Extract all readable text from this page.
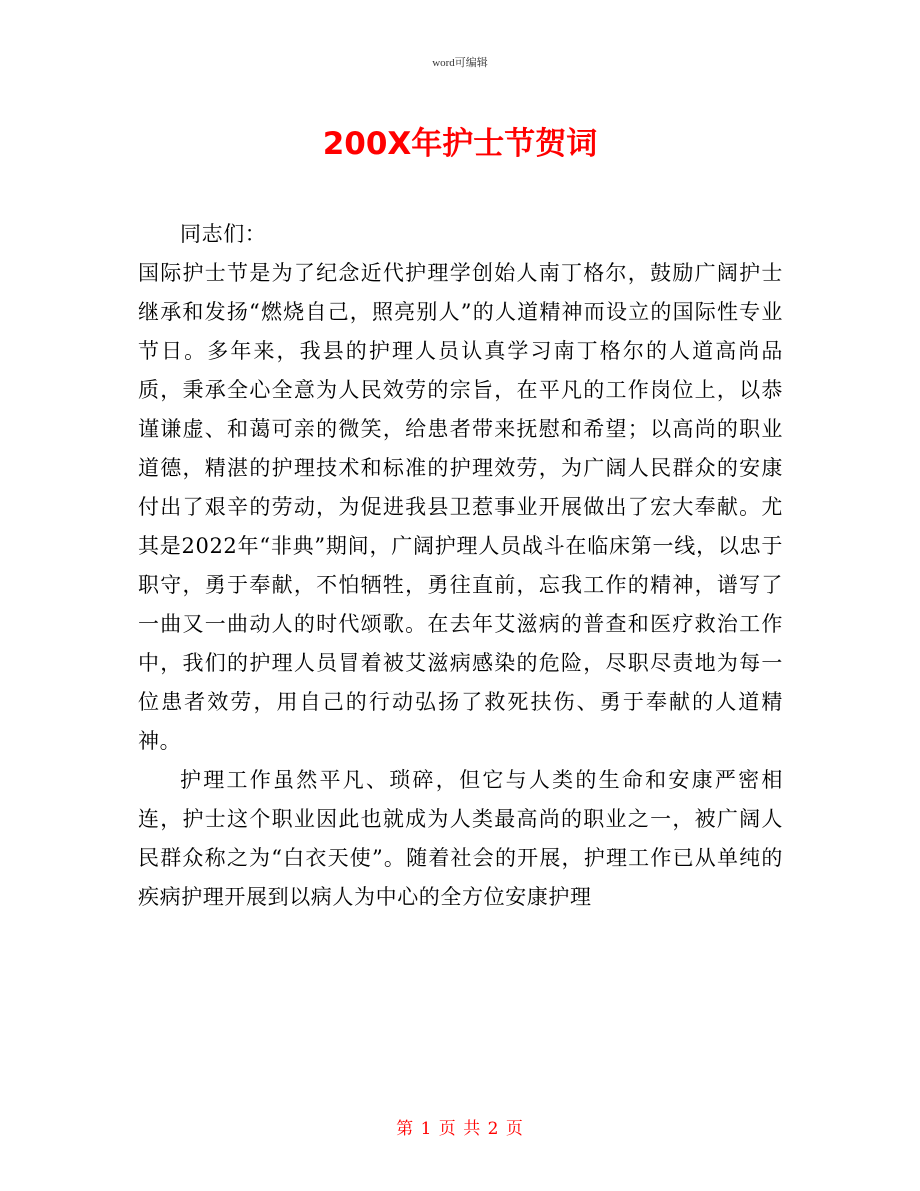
word可编辑
200X年护士节贺词

同志们：

国际护士节是为了纪念近代护理学创始人南丁格尔，鼓励广阔护士继承和发扬“燃烧自己，照亮别人”的人道精神而设立的国际性专业节日。多年来，我县的护理人员认真学习南丁格尔的人道高尚品质，秉承全心全意为人民效劳的宗旨，在平凡的工作岗位上，以恭谨谦虚、和蔼可亲的微笑，给患者带来抚慰和希望；以高尚的职业道德，精湛的护理技术和标准的护理效劳，为广阔人民群众的安康付出了艰辛的劳动，为促进我县卫惹事业开展做出了宏大奉献。尤其是2022年“非典”期间，广阔护理人员战斗在临床第一线，以忠于职守，勇于奉献，不怕牺牲，勇往直前，忘我工作的精神，谱写了一曲又一曲动人的时代颂歌。在去年艾滋病的普查和医疗救治工作中，我们的护理人员冒着被艾滋病感染的危险，尽职尽责地为每一位患者效劳，用自己的行动弘扬了救死扶伤、勇于奉献的人道精神。

护理工作虽然平凡、琐碎，但它与人类的生命和安康严密相连，护士这个职业因此也就成为人类最高尚的职业之一，被广阔人民群众称之为“白衣天使”。随着社会的开展，护理工作已从单纯的疾病护理开展到以病人为中心的全方位安康护理

第 1 页 共 2 页
